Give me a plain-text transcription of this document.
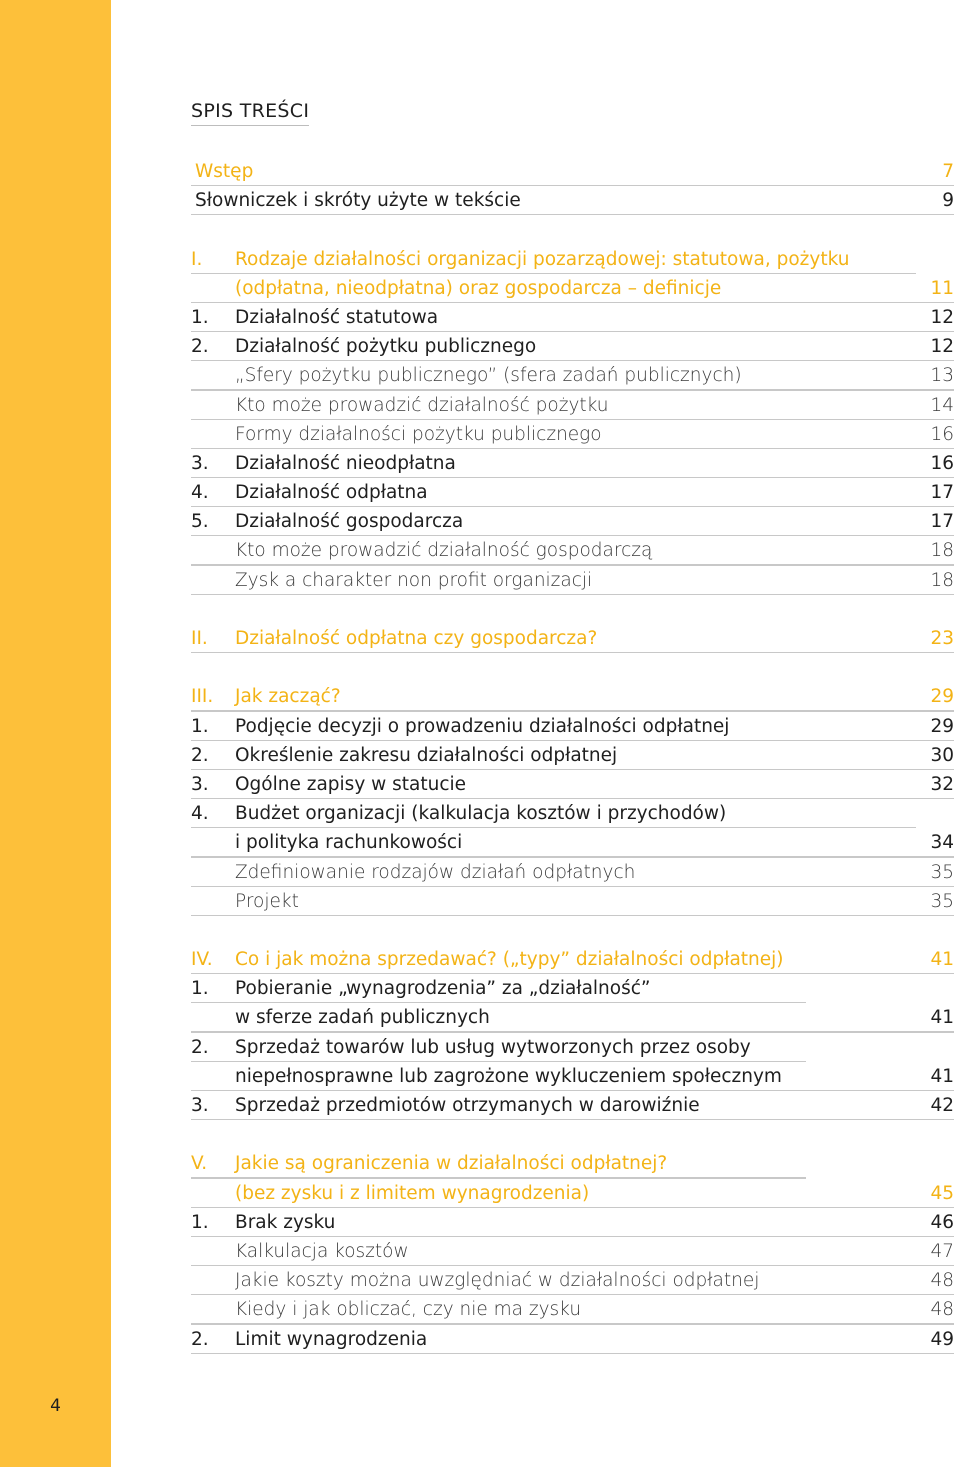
4
SPIS TREŚCI
Wstęp	7
Słowniczek i skróty użyte w tekście	9
I. Rodzaje działalności organizacji pozarządowej: statutowa, pożytku
(odpłatna, nieodpłatna) oraz gospodarcza – definicje	11
1. Działalność statutowa	12
2. Działalność pożytku publicznego	12
„Sfery pożytku publicznego” (sfera zadań publicznych)	13
Kto może prowadzić działalność pożytku	14
Formy działalności pożytku publicznego	16
3. Działalność nieodpłatna	16
4. Działalność odpłatna	17
5. Działalność gospodarcza	17
Kto może prowadzić działalność gospodarczą	18
Zysk a charakter non profit organizacji	18
II. Działalność odpłatna czy gospodarcza?	23
III. Jak zacząć?	29
1. Podjęcie decyzji o prowadzeniu działalności odpłatnej	29
2. Określenie zakresu działalności odpłatnej	30
3. Ogólne zapisy w statucie	32
4. Budżet organizacji (kalkulacja kosztów i przychodów)
i polityka rachunkowości	34
Zdefiniowanie rodzajów działań odpłatnych	35
Projekt	35
IV. Co i jak można sprzedawać? („typy” działalności odpłatnej)	41
1. Pobieranie „wynagrodzenia” za „działalność”
w sferze zadań publicznych	41
2. Sprzedaż towarów lub usług wytworzonych przez osoby
niepełnosprawne lub zagrożone wykluczeniem społecznym	41
3. Sprzedaż przedmiotów otrzymanych w darowiźnie	42
V. Jakie są ograniczenia w działalności odpłatnej?
(bez zysku i z limitem wynagrodzenia)	45
1. Brak zysku	46
Kalkulacja kosztów	47
Jakie koszty można uwzględniać w działalności odpłatnej	48
Kiedy i jak obliczać, czy nie ma zysku	48
2. Limit wynagrodzenia	49
